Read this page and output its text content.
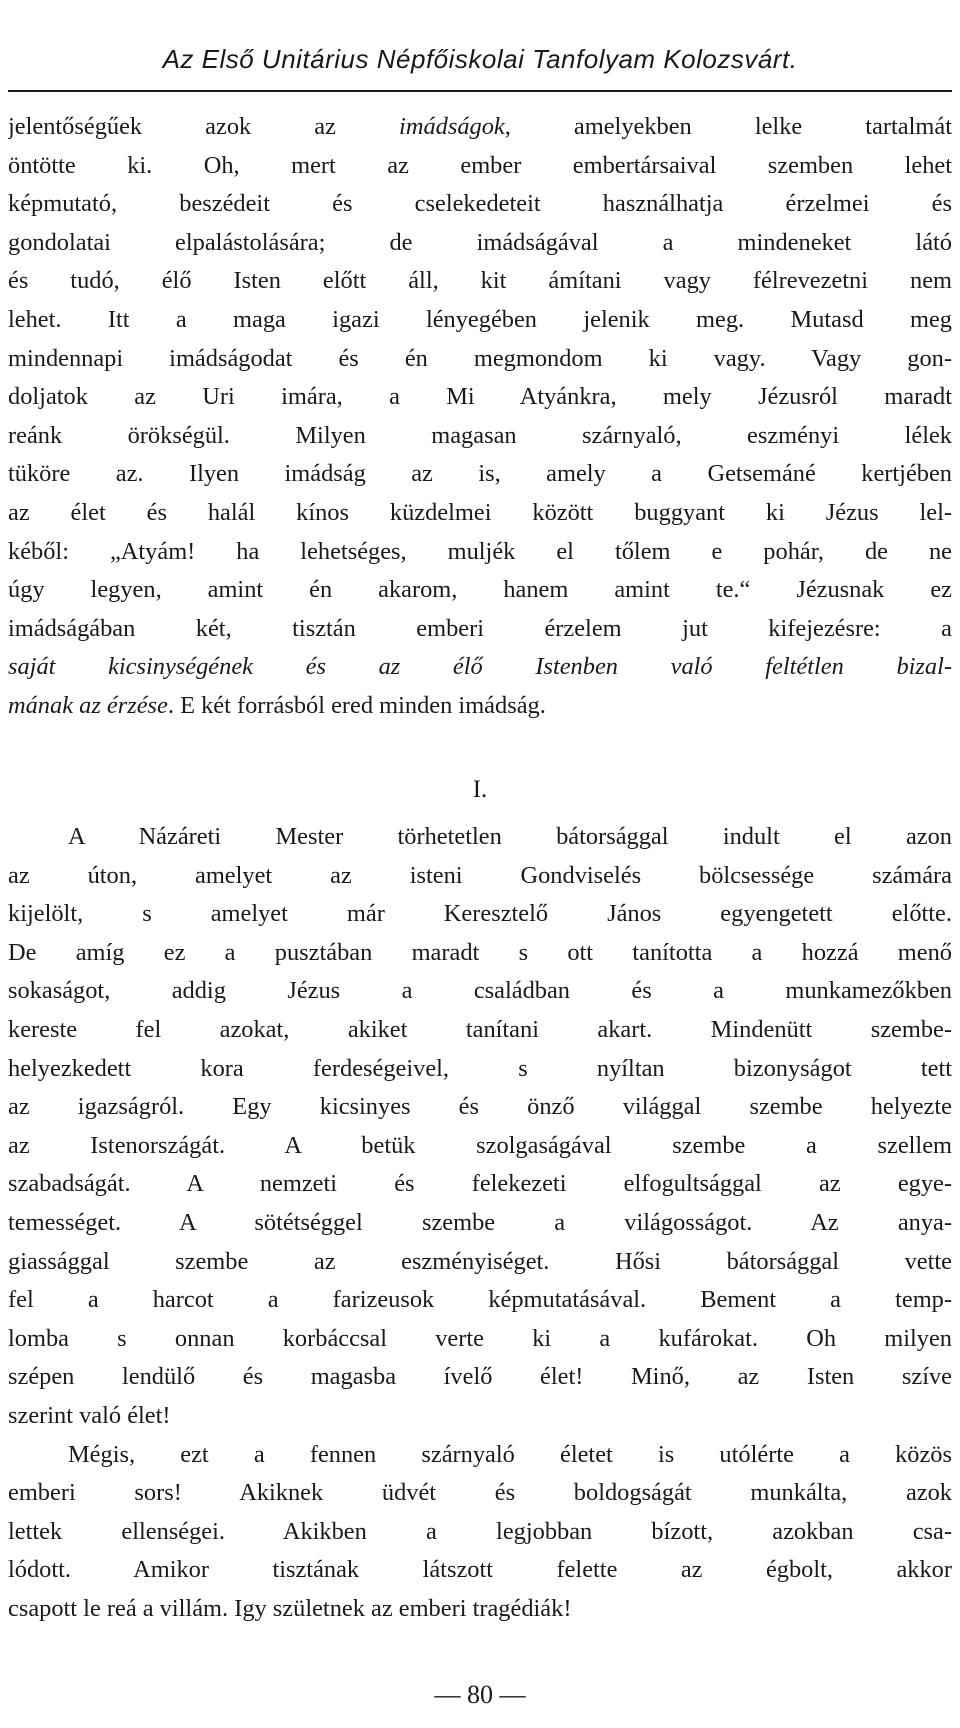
Az Első Unitárius Népfőiskolai Tanfolyam Kolozsvárt.
jelentőségűek azok az imádságok, amelyekben lelke tartalmát
öntötte ki. Oh, mert az ember embertársaival szemben lehet
képmutató, beszédeit és cselekedeteit használhatja érzelmei és
gondolatai elpalástolására; de imádságával a mindeneket látó
és tudó, élő Isten előtt áll, kit ámítani vagy félrevezetni nem
lehet. Itt a maga igazi lényegében jelenik meg. Mutasd meg
mindennapi imádságodat és én megmondom ki vagy. Vagy gon-
doljatok az Uri imára, a Mi Atyánkra, mely Jézusról maradt
reánk örökségül. Milyen magasan szárnyaló, eszményi lélek
tüköre az. Ilyen imádság az is, amely a Getsemáné kertjében
az élet és halál kínos küzdelmei között buggyant ki Jézus lel-
kéből: „Atyám! ha lehetséges, muljék el tőlem e pohár, de ne
úgy legyen, amint én akarom, hanem amint te.“ Jézusnak ez
imádságában két, tisztán emberi érzelem jut kifejezésre: a
saját kicsinységének és az élő Istenben való feltétlen bizal-
mának az érzése. E két forrásból ered minden imádság.
I.
A Názáreti Mester törhetetlen bátorsággal indult el azon
az úton, amelyet az isteni Gondviselés bölcsessége számára
kijelölt, s amelyet már Keresztelő János egyengetett előtte.
De amíg ez a pusztában maradt s ott tanította a hozzá menő
sokaságot, addig Jézus a családban és a munkamezőkben
kereste fel azokat, akiket tanítani akart. Mindenütt szembe-
helyezkedett kora ferdeségeivel, s nyíltan bizonyságot tett
az igazságról. Egy kicsinyes és önző világgal szembe helyezte
az Istenországát. A betük szolgaságával szembe a szellem
szabadságát. A nemzeti és felekezeti elfogultsággal az egye-
temességet. A sötétséggel szembe a világosságot. Az anya-
giassággal szembe az eszményiséget. Hősi bátorsággal vette
fel a harcot a farizeusok képmutatásával. Bement a temp-
lomba s onnan korbáccsal verte ki a kufárokat. Oh milyen
szépen lendülő és magasba ívelő élet! Minő, az Isten szíve
szerint való élet!
Mégis, ezt a fennen szárnyaló életet is utólérte a közös
emberi sors! Akiknek üdvét és boldogságát munkálta, azok
lettek ellenségei. Akikben a legjobban bízott, azokban csa-
lódott. Amikor tisztának látszott felette az égbolt, akkor
csapott le reá a villám. Igy születnek az emberi tragédiák!
— 80 —
